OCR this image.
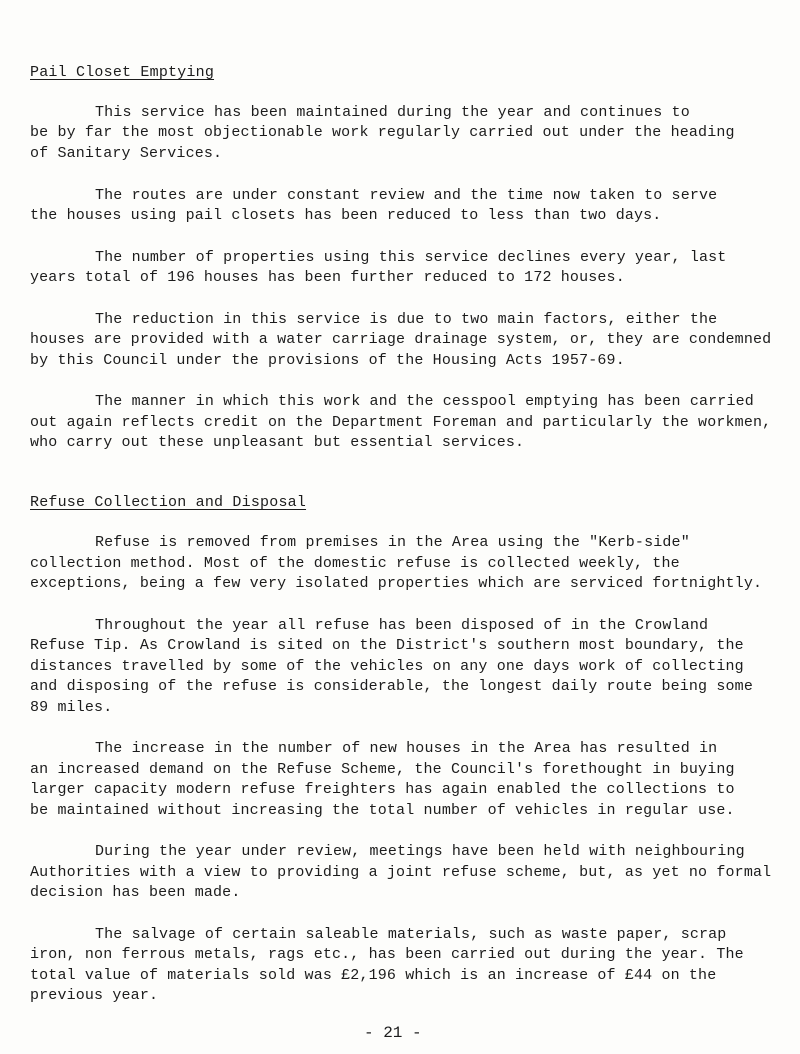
Pail Closet Emptying
This service has been maintained during the year and continues to
be by far the most objectionable work regularly carried out under the heading
of Sanitary Services.
The routes are under constant review and the time now taken to serve
the houses using pail closets has been reduced to less than two days.
The number of properties using this service declines every year, last
years total of 196 houses has been further reduced to 172 houses.
The reduction in this service is due to two main factors, either the
houses are provided with a water carriage drainage system, or, they are condemned
by this Council under the provisions of the Housing Acts 1957-69.
The manner in which this work and the cesspool emptying has been carried
out again reflects credit on the Department Foreman and particularly the workmen,
who carry out these unpleasant but essential services.
Refuse Collection and Disposal
Refuse is removed from premises in the Area using the "Kerb-side"
collection method. Most of the domestic refuse is collected weekly, the
exceptions, being a few very isolated properties which are serviced fortnightly.
Throughout the year all refuse has been disposed of in the Crowland
Refuse Tip. As Crowland is sited on the District's southern most boundary, the
distances travelled by some of the vehicles on any one days work of collecting
and disposing of the refuse is considerable, the longest daily route being some
89 miles.
The increase in the number of new houses in the Area has resulted in
an increased demand on the Refuse Scheme, the Council's forethought in buying
larger capacity modern refuse freighters has again enabled the collections to
be maintained without increasing the total number of vehicles in regular use.
During the year under review, meetings have been held with neighbouring
Authorities with a view to providing a joint refuse scheme, but, as yet no formal
decision has been made.
The salvage of certain saleable materials, such as waste paper, scrap
iron, non ferrous metals, rags etc., has been carried out during the year. The
total value of materials sold was £2,196 which is an increase of £44 on the
previous year.
- 21 -
